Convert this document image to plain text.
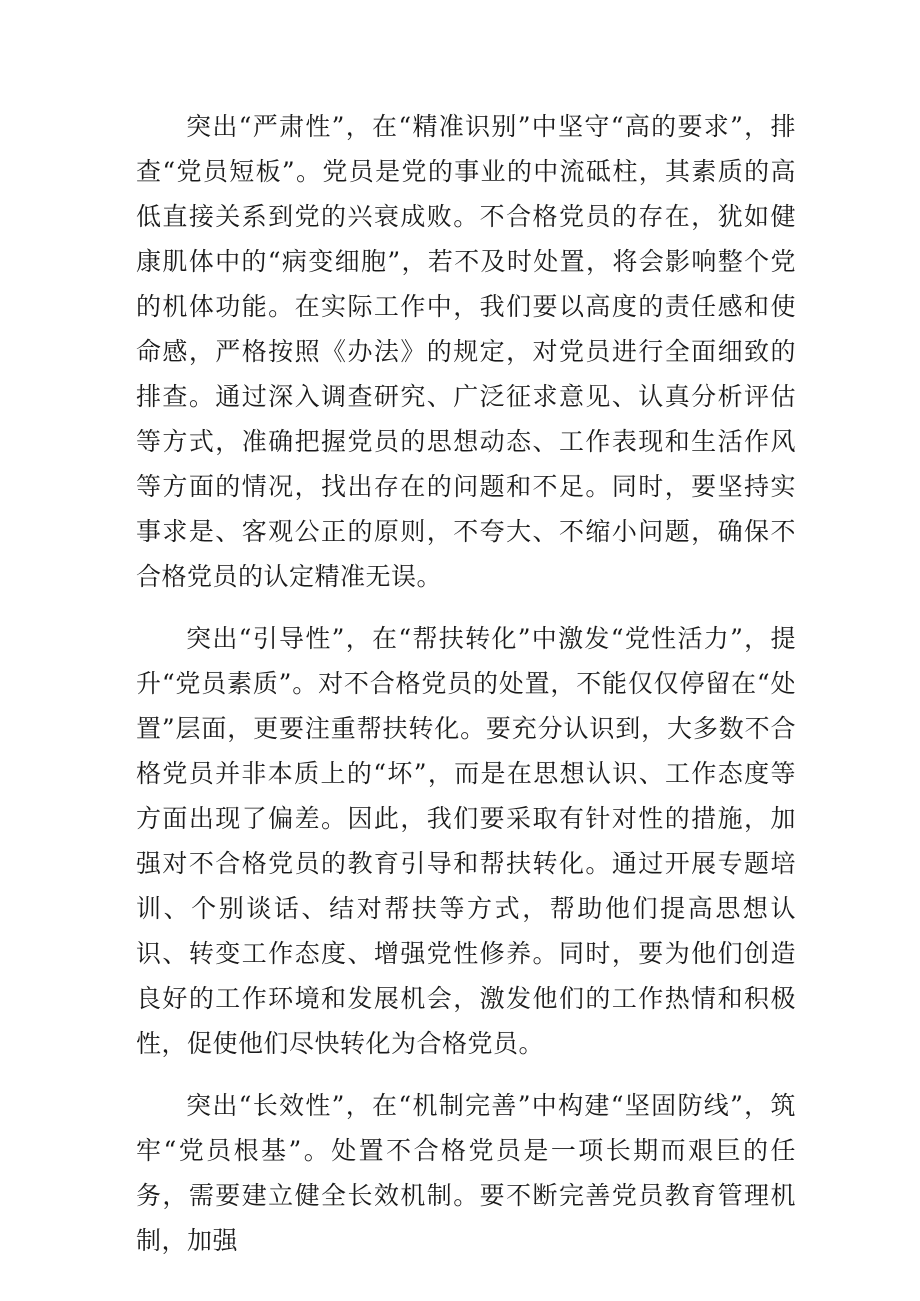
突出“严肃性”，在“精准识别”中坚守“高的要求”，排查“党员短板”。党员是党的事业的中流砥柱，其素质的高低直接关系到党的兴衰成败。不合格党员的存在，犹如健康肌体中的“病变细胞”，若不及时处置，将会影响整个党的机体功能。在实际工作中，我们要以高度的责任感和使命感，严格按照《办法》的规定，对党员进行全面细致的排查。通过深入调查研究、广泛征求意见、认真分析评估等方式，准确把握党员的思想动态、工作表现和生活作风等方面的情况，找出存在的问题和不足。同时，要坚持实事求是、客观公正的原则，不夸大、不缩小问题，确保不合格党员的认定精准无误。

突出“引导性”，在“帮扶转化”中激发“党性活力”，提升“党员素质”。对不合格党员的处置，不能仅仅停留在“处置”层面，更要注重帮扶转化。要充分认识到，大多数不合格党员并非本质上的“坏”，而是在思想认识、工作态度等方面出现了偏差。因此，我们要采取有针对性的措施，加强对不合格党员的教育引导和帮扶转化。通过开展专题培训、个别谈话、结对帮扶等方式，帮助他们提高思想认识、转变工作态度、增强党性修养。同时，要为他们创造良好的工作环境和发展机会，激发他们的工作热情和积极性，促使他们尽快转化为合格党员。

突出“长效性”，在“机制完善”中构建“坚固防线”，筑牢“党员根基”。处置不合格党员是一项长期而艰巨的任务，需要建立健全长效机制。要不断完善党员教育管理机制，加强
